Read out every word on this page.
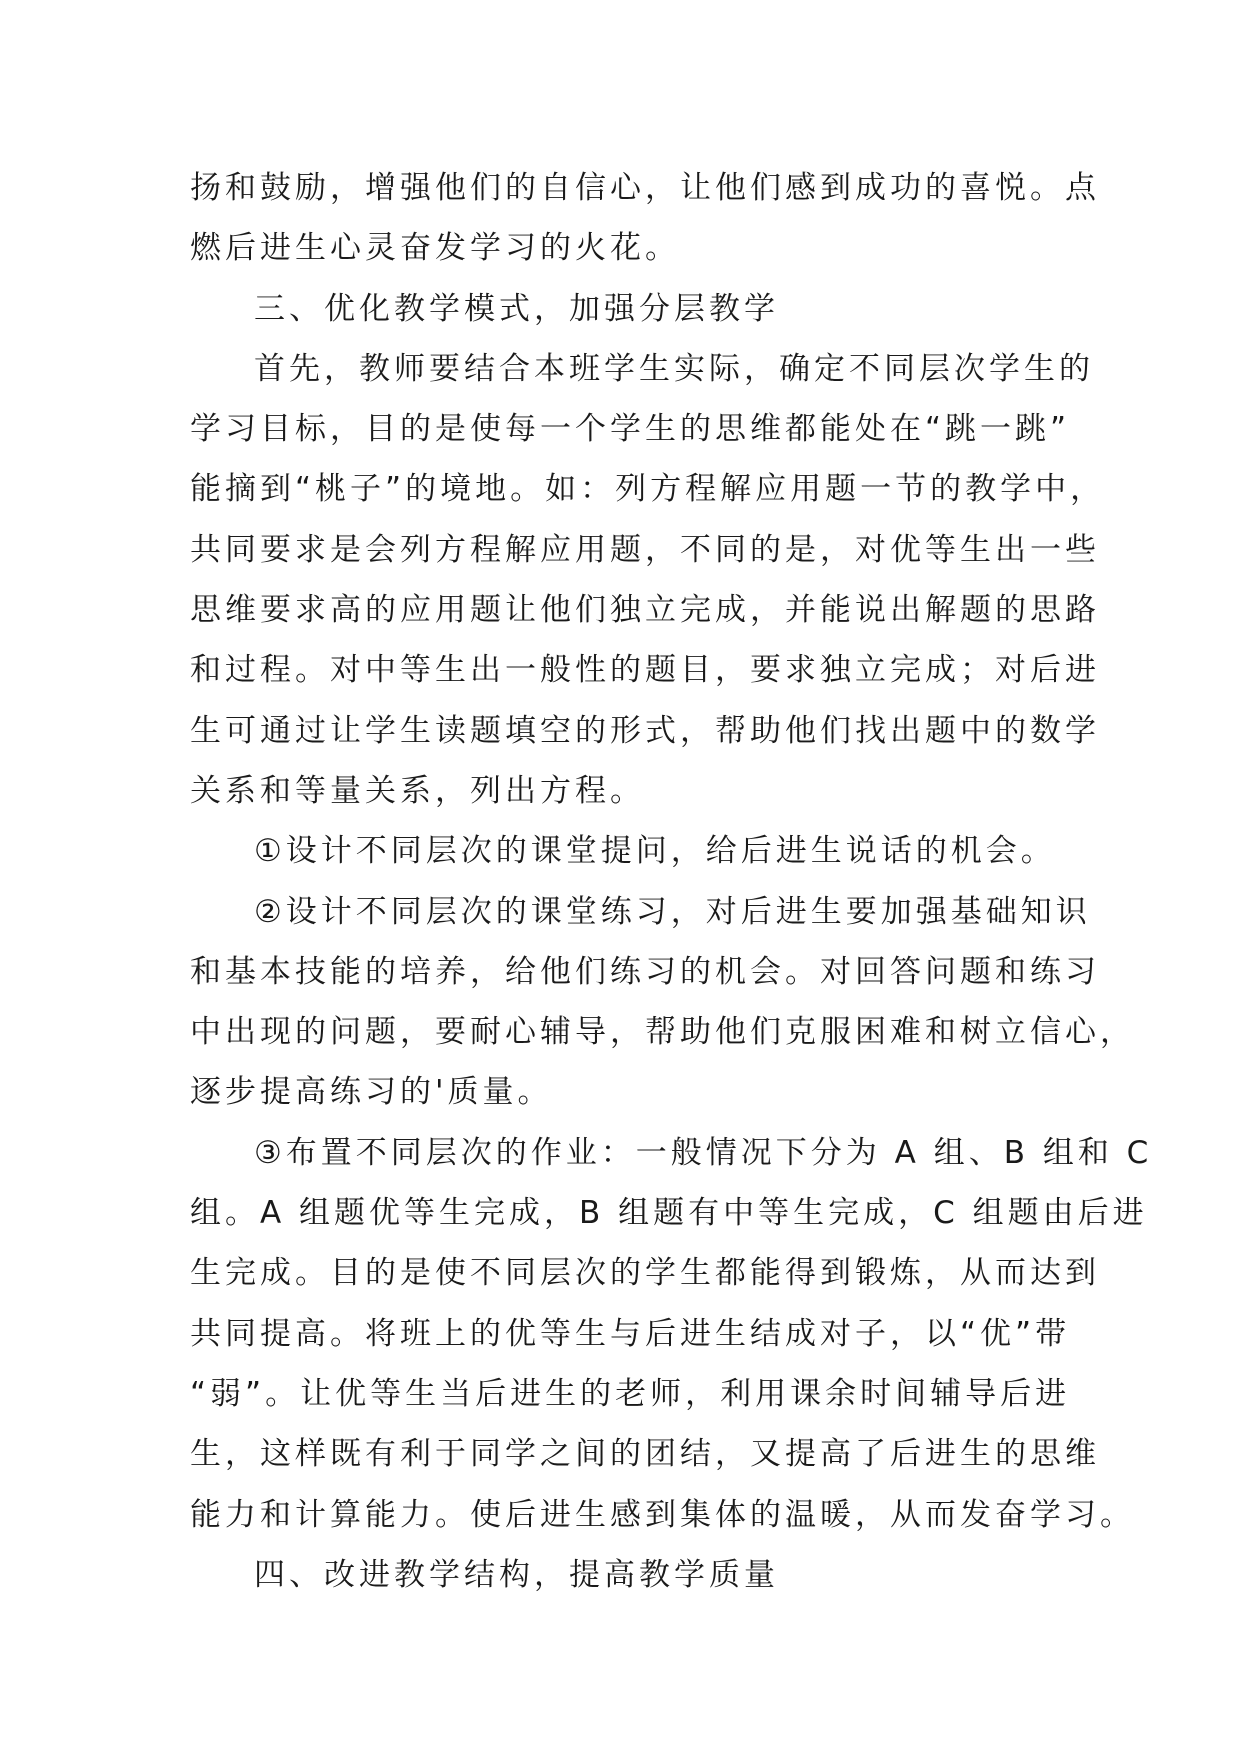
扬和鼓励，增强他们的自信心，让他们感到成功的喜悦。点
燃后进生心灵奋发学习的火花。
三、优化教学模式，加强分层教学
首先，教师要结合本班学生实际，确定不同层次学生的
学习目标，目的是使每一个学生的思维都能处在“跳一跳”
能摘到“桃子”的境地。如：列方程解应用题一节的教学中，
共同要求是会列方程解应用题，不同的是，对优等生出一些
思维要求高的应用题让他们独立完成，并能说出解题的思路
和过程。对中等生出一般性的题目，要求独立完成；对后进
生可通过让学生读题填空的形式，帮助他们找出题中的数学
关系和等量关系，列出方程。
①设计不同层次的课堂提问，给后进生说话的机会。
②设计不同层次的课堂练习，对后进生要加强基础知识
和基本技能的培养，给他们练习的机会。对回答问题和练习
中出现的问题，要耐心辅导，帮助他们克服困难和树立信心，
逐步提高练习的'质量。
③布置不同层次的作业：一般情况下分为 A 组、B 组和 C
组。A 组题优等生完成，B 组题有中等生完成，C 组题由后进
生完成。目的是使不同层次的学生都能得到锻炼，从而达到
共同提高。将班上的优等生与后进生结成对子，以“优”带
“弱”。让优等生当后进生的老师，利用课余时间辅导后进
生，这样既有利于同学之间的团结，又提高了后进生的思维
能力和计算能力。使后进生感到集体的温暖，从而发奋学习。
四、改进教学结构，提高教学质量
